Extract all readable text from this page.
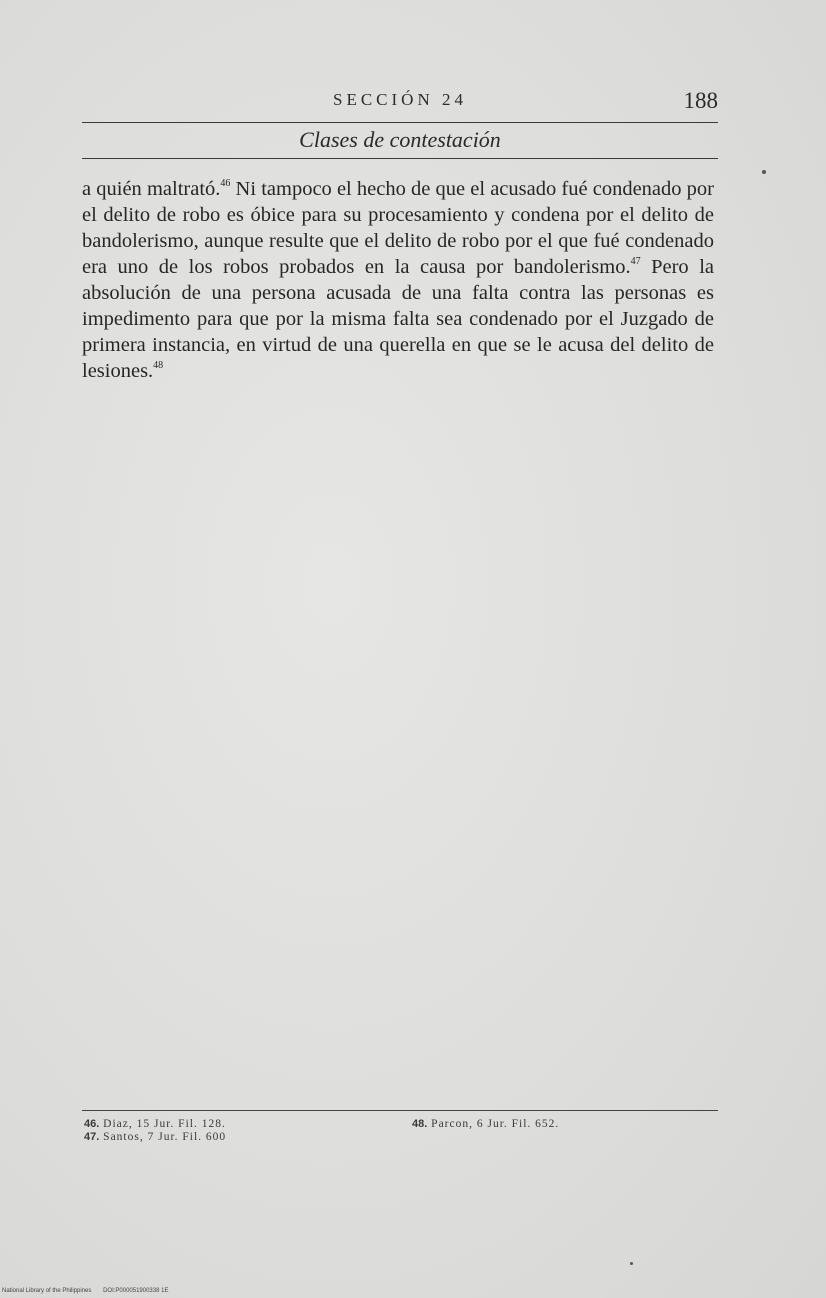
SECCIÓN 24	188
Clases de contestación

a quién maltrató.$^{46}$ Ni tampoco el hecho de que el acusado fué condenado por el delito de robo es óbice para su procesamiento y condena por el delito de bandolerismo, aunque resulte que el delito de robo por el que fué condenado era uno de los robos probados en la causa por bandolerismo.$^{47}$ Pero la absolución de una persona acusada de una falta contra las personas es impedimento para que por la misma falta sea condenado por el Juzgado de primera instancia, en virtud de una querella en que se le acusa del delito de lesiones.$^{48}$

46. Diaz, 15 Jur. Fil. 128.
47. Santos, 7 Jur. Fil. 600
48. Parcon, 6 Jur. Fil. 652.
National Library of the Philippines DOI:P000051900338 1E
